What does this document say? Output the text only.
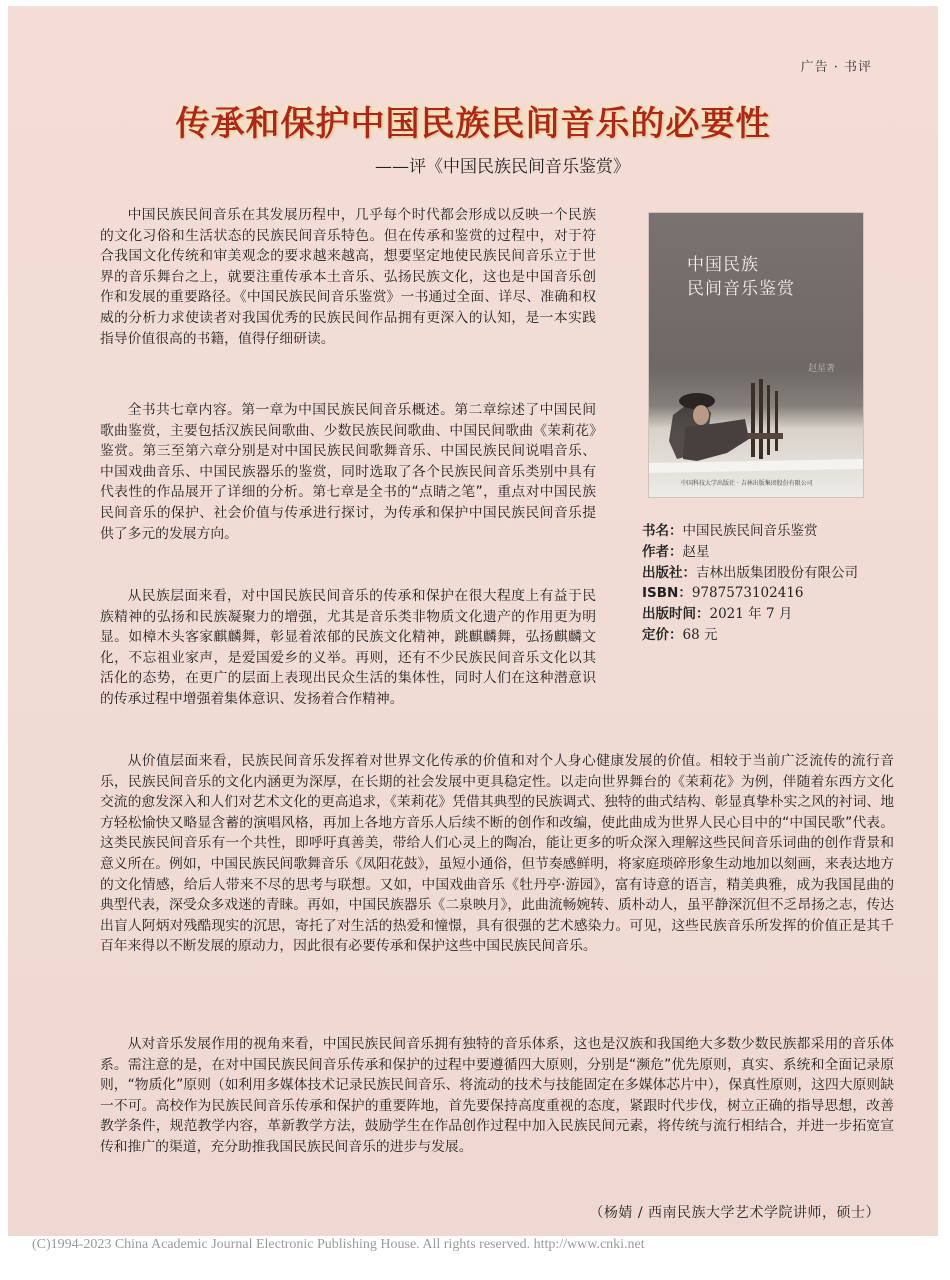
广告 · 书评
传承和保护中国民族民间音乐的必要性
——评《中国民族民间音乐鉴赏》

中国民族民间音乐在其发展历程中，几乎每个时代都会形成以反映一个民族的文化习俗和生活状态的民族民间音乐特色。但在传承和鉴赏的过程中，对于符合我国文化传统和审美观念的要求越来越高，想要坚定地使民族民间音乐立于世界的音乐舞台之上，就要注重传承本土音乐、弘扬民族文化，这也是中国音乐创作和发展的重要路径。《中国民族民间音乐鉴赏》一书通过全面、详尽、准确和权威的分析力求使读者对我国优秀的民族民间作品拥有更深入的认知，是一本实践指导价值很高的书籍，值得仔细研读。

全书共七章内容。第一章为中国民族民间音乐概述。第二章综述了中国民间歌曲鉴赏，主要包括汉族民间歌曲、少数民族民间歌曲、中国民间歌曲《茉莉花》鉴赏。第三至第六章分别是对中国民族民间歌舞音乐、中国民族民间说唱音乐、中国戏曲音乐、中国民族器乐的鉴赏，同时选取了各个民族民间音乐类别中具有代表性的作品展开了详细的分析。第七章是全书的“点睛之笔”，重点对中国民族民间音乐的保护、社会价值与传承进行探讨，为传承和保护中国民族民间音乐提供了多元的发展方向。

从民族层面来看，对中国民族民间音乐的传承和保护在很大程度上有益于民族精神的弘扬和民族凝聚力的增强，尤其是音乐类非物质文化遗产的作用更为明显。如樟木头客家麒麟舞，彰显着浓郁的民族文化精神，跳麒麟舞，弘扬麒麟文化，不忘祖业家声，是爱国爱乡的义举。再则，还有不少民族民间音乐文化以其活化的态势，在更广的层面上表现出民众生活的集体性，同时人们在这种潜意识的传承过程中增强着集体意识、发扬着合作精神。

从价值层面来看，民族民间音乐发挥着对世界文化传承的价值和对个人身心健康发展的价值。相较于当前广泛流传的流行音乐，民族民间音乐的文化内涵更为深厚，在长期的社会发展中更具稳定性。以走向世界舞台的《茉莉花》为例，伴随着东西方文化交流的愈发深入和人们对艺术文化的更高追求，《茉莉花》凭借其典型的民族调式、独特的曲式结构、彰显真挚朴实之风的衬词、地方轻松愉快又略显含蓄的演唱风格，再加上各地方音乐人后续不断的创作和改编，使此曲成为世界人民心目中的“中国民歌”代表。这类民族民间音乐有一个共性，即呼吁真善美，带给人们心灵上的陶冶，能让更多的听众深入理解这些民间音乐词曲的创作背景和意义所在。例如，中国民族民间歌舞音乐《凤阳花鼓》，虽短小通俗，但节奏感鲜明，将家庭琐碎形象生动地加以刻画，来表达地方的文化情感，给后人带来不尽的思考与联想。又如，中国戏曲音乐《牡丹亭·游园》，富有诗意的语言，精美典雅，成为我国昆曲的典型代表，深受众多戏迷的青睐。再如，中国民族器乐《二泉映月》，此曲流畅婉转、质朴动人，虽平静深沉但不乏昂扬之志，传达出盲人阿炳对残酷现实的沉思，寄托了对生活的热爱和憧憬，具有很强的艺术感染力。可见，这些民族音乐所发挥的价值正是其千百年来得以不断发展的原动力，因此很有必要传承和保护这些中国民族民间音乐。

从对音乐发展作用的视角来看，中国民族民间音乐拥有独特的音乐体系，这也是汉族和我国绝大多数少数民族都采用的音乐体系。需注意的是，在对中国民族民间音乐传承和保护的过程中要遵循四大原则，分别是“濒危”优先原则，真实、系统和全面记录原则，“物质化”原则（如利用多媒体技术记录民族民间音乐、将流动的技术与技能固定在多媒体芯片中），保真性原则，这四大原则缺一不可。高校作为民族民间音乐传承和保护的重要阵地，首先要保持高度重视的态度，紧跟时代步伐，树立正确的指导思想，改善教学条件，规范教学内容，革新教学方法，鼓励学生在作品创作过程中加入民族民间元素，将传统与流行相结合，并进一步拓宽宣传和推广的渠道，充分助推我国民族民间音乐的进步与发展。

中国民族
民间音乐鉴赏
赵星著
中国科技大学出版社 · 吉林出版集团股份有限公司
书名：中国民族民间音乐鉴赏
作者：赵星
出版社：吉林出版集团股份有限公司
ISBN：9787573102416
出版时间：2021 年 7 月
定价：68 元
（杨婧 / 西南民族大学艺术学院讲师，硕士）
(C)1994-2023 China Academic Journal Electronic Publishing House. All rights reserved. http://www.cnki.net
